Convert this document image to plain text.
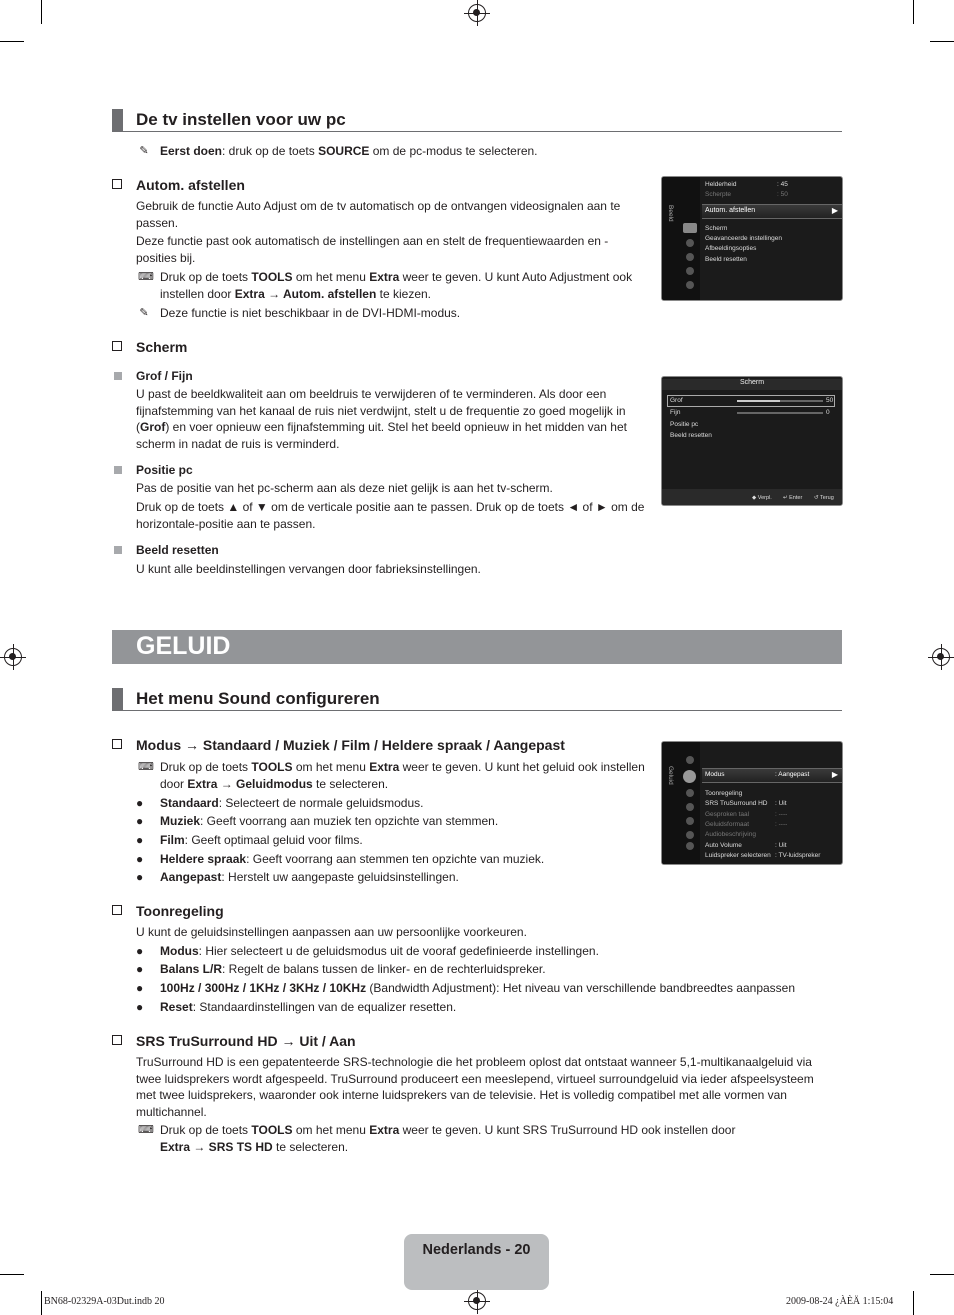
De tv instellen voor uw pc
✎ Eerst doen: druk op de toets SOURCE om de pc-modus te selecteren.
Autom. afstellen
Gebruik de functie Auto Adjust om de tv automatisch op de ontvangen videosignalen aan te passen.
Deze functie past ook automatisch de instellingen aan en stelt de frequentiewaarden en -posities bij.
⌨ Druk op de toets TOOLS om het menu Extra weer te geven. U kunt Auto Adjustment ook instellen door Extra → Autom. afstellen te kiezen.
✎ Deze functie is niet beschikbaar in de DVI-HDMI-modus.
Beeld
Helderheid	: 45
Scherpte	: 50
Autom. afstellen	▶
Scherm
Geavanceerde instellingen
Afbeeldingsopties
Beeld resetten
Scherm
Grof / Fijn
U past de beeldkwaliteit aan om beeldruis te verwijderen of te verminderen. Als door een fijnafstemming van het kanaal de ruis niet verdwijnt, stelt u de frequentie zo goed mogelijk in (Grof) en voer opnieuw een fijnafstemming uit. Stel het beeld opnieuw in het midden van het scherm in nadat de ruis is verminderd.
Positie pc
Pas de positie van het pc-scherm aan als deze niet gelijk is aan het tv-scherm.
Druk op de toets ▲ of ▼ om de verticale positie aan te passen. Druk op de toets ◄ of ► om de horizontale-positie aan te passen.
Beeld resetten
U kunt alle beeldinstellingen vervangen door fabrieksinstellingen.
Scherm
Grof	50
Fijn	0
Positie pc
Beeld resetten
◆ Verpl. ↵ Enter ↺ Terug
GELUID
Het menu Sound configureren
Modus → Standaard / Muziek / Film / Heldere spraak / Aangepast
⌨ Druk op de toets TOOLS om het menu Extra weer te geven. U kunt het geluid ook instellen door Extra → Geluidmodus te selecteren.
● Standaard: Selecteert de normale geluidsmodus.
● Muziek: Geeft voorrang aan muziek ten opzichte van stemmen.
● Film: Geeft optimaal geluid voor films.
● Heldere spraak: Geeft voorrang aan stemmen ten opzichte van muziek.
● Aangepast: Herstelt uw aangepaste geluidsinstellingen.
Geluid	Modus	: Aangepast	▶
Toonregeling
SRS TruSurround HD : Uit
Gesproken taal	: ----
Geluidsformaat	: ----
Audiobeschrijving
Auto Volume	: Uit
Luidspreker selecteren : TV-luidspreker
Toonregeling
U kunt de geluidsinstellingen aanpassen aan uw persoonlijke voorkeuren.
● Modus: Hier selecteert u de geluidsmodus uit de vooraf gedefinieerde instellingen.
● Balans L/R: Regelt de balans tussen de linker- en de rechterluidspreker.
● 100Hz / 300Hz / 1KHz / 3KHz / 10KHz (Bandwidth Adjustment): Het niveau van verschillende bandbreedtes aanpassen
● Reset: Standaardinstellingen van de equalizer resetten.
SRS TruSurround HD → Uit / Aan
TruSurround HD is een gepatenteerde SRS-technologie die het probleem oplost dat ontstaat wanneer 5,1-multikanaalgeluid via twee luidsprekers wordt afgespeeld. TruSurround produceert een meeslepend, virtueel surroundgeluid via ieder afspeelsysteem met twee luidsprekers, waaronder ook interne luidsprekers van de televisie. Het is volledig compatibel met alle vormen van multichannel.
⌨ Druk op de toets TOOLS om het menu Extra weer te geven. U kunt SRS TruSurround HD ook instellen door
Extra → SRS TS HD te selecteren.
Nederlands - 20
BN68-02329A-03Dut.indb 20	2009-08-24 ¿ÀÈÄ 1:15:04
